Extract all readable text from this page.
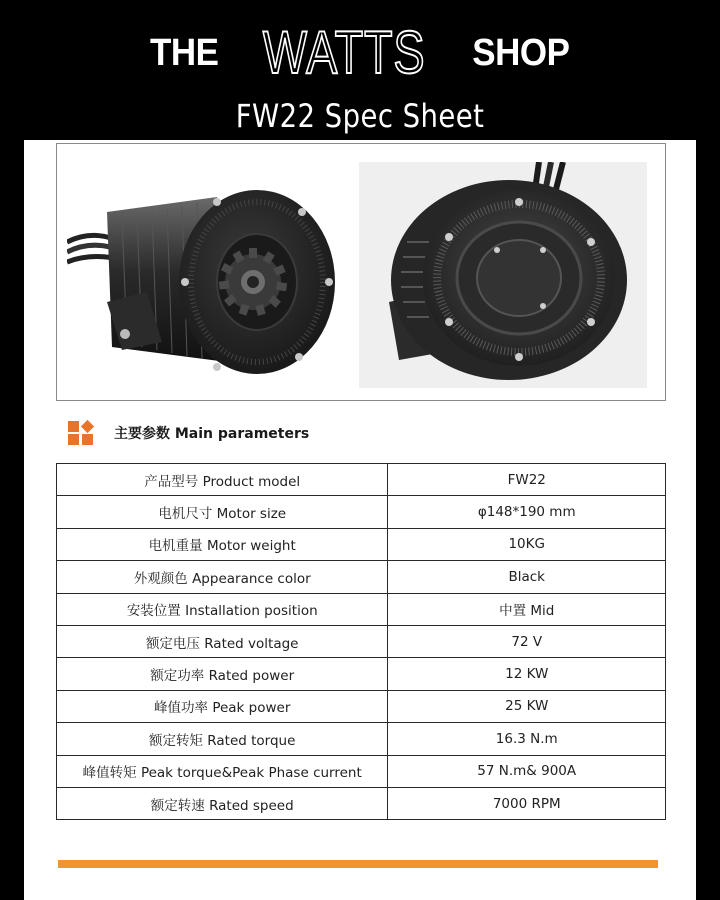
THE WATTS SHOP
FW22 Spec Sheet
主要参数 Main parameters
产品型号 Product model	FW22
电机尺寸 Motor size	φ148*190 mm
电机重量 Motor weight	10KG
外观颜色 Appearance color	Black
安装位置 Installation position	中置 Mid
额定电压 Rated voltage	72 V
额定功率 Rated power	12 KW
峰值功率 Peak power	25 KW
额定转矩 Rated torque	16.3 N.m
峰值转矩 Peak torque&Peak Phase current	57 N.m& 900A
额定转速 Rated speed	7000 RPM
